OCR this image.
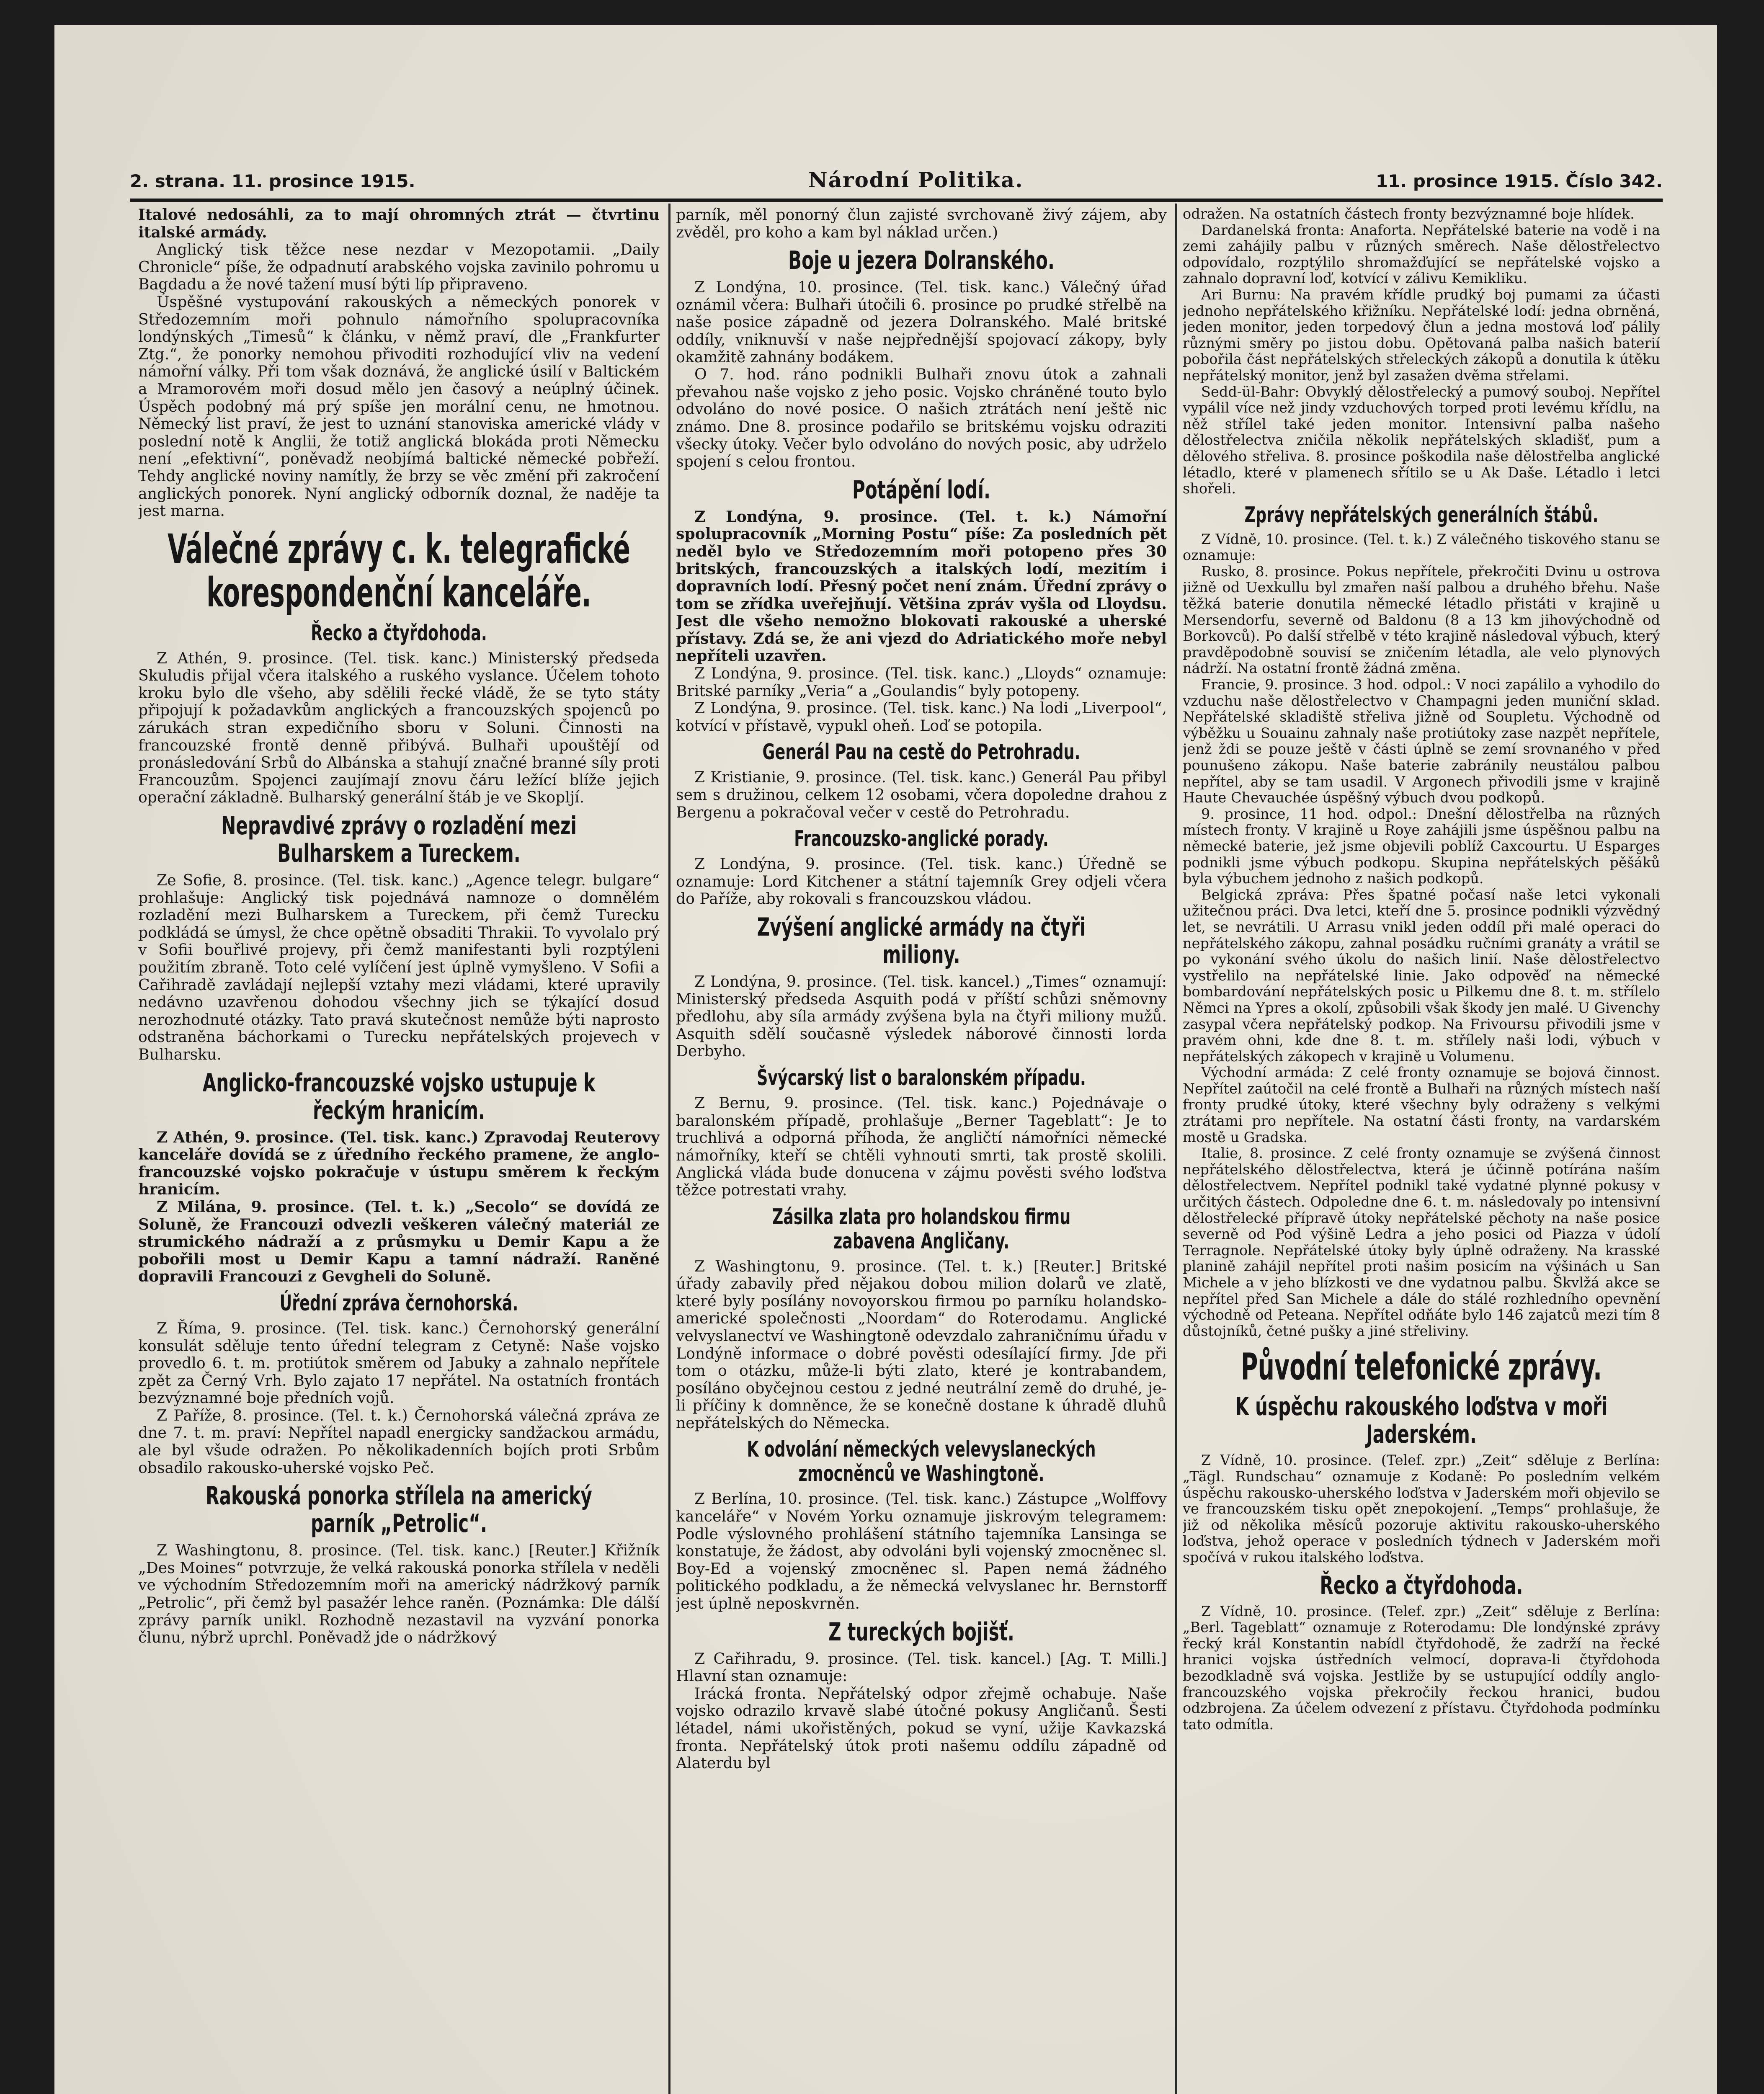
2. strana. 11. prosince 1915.	Národní Politika.	11. prosince 1915. Číslo 342.

Italové nedosáhli, za to mají ohromných ztrát — čtvrtinu italské armády.

Anglický tisk těžce nese nezdar v Mezopotamii. „Daily Chronicle“ píše, že odpadnutí arabského vojska zavinilo pohromu u Bagdadu a že nové tažení musí býti líp připraveno.

Úspěšné vystupování rakouských a německých ponorek v Středozemním moři pohnulo námořního spolupracovníka londýnských „Timesů“ k článku, v němž praví, dle „Frankfurter Ztg.“, že ponorky nemohou přivoditi rozhodující vliv na vedení námořní války. Při tom však doznává, že anglické úsilí v Baltickém a Mramorovém moři dosud mělo jen časový a neúplný účinek. Úspěch podobný má prý spíše jen morální cenu, ne hmotnou. Německý list praví, že jest to uznání stanoviska americké vlády v poslední notě k Anglii, že totiž anglická blokáda proti Německu není „efektivní“, poněvadž neobjímá baltické německé pobřeží. Tehdy anglické noviny namítly, že brzy se věc změní při zakročení anglických ponorek. Nyní anglický odborník doznal, že naděje ta jest marna.

Válečné zprávy c. k. telegrafické korespondenční kanceláře.
Řecko a čtyřdohoda.

Z Athén, 9. prosince. (Tel. tisk. kanc.) Ministerský předseda Skuludis přijal včera italského a ruského vyslance. Účelem tohoto kroku bylo dle všeho, aby sdělili řecké vládě, že se tyto státy připojují k požadavkům anglických a francouzských spojenců po zárukách stran expedičního sboru v Soluni. Činnosti na francouzské frontě denně přibývá. Bulhaři upouštějí od pronásledování Srbů do Albánska a stahují značné branné síly proti Francouzům. Spojenci zaujímají znovu čáru ležící blíže jejich operační základně. Bulharský generální štáb je ve Skopljí.

Nepravdivé zprávy o rozladění mezi Bulharskem a Tureckem.

Ze Sofie, 8. prosince. (Tel. tisk. kanc.) „Agence telegr. bulgare“ prohlašuje: Anglický tisk pojednává namnoze o domnělém rozladění mezi Bulharskem a Tureckem, při čemž Turecku podkládá se úmysl, že chce opětně obsaditi Thrakii. To vyvolalo prý v Sofii bouřlivé projevy, při čemž manifestanti byli rozptýleni použitím zbraně. Toto celé vylíčení jest úplně vymyšleno. V Sofii a Cařihradě zavládají nejlepší vztahy mezi vládami, které upravily nedávno uzavřenou dohodou všechny jich se týkající dosud nerozhodnuté otázky. Tato pravá skutečnost nemůže býti naprosto odstraněna báchorkami o Turecku nepřátelských projevech v Bulharsku.

Anglicko-francouzské vojsko ustupuje k řeckým hranicím.

Z Athén, 9. prosince. (Tel. tisk. kanc.) Zpravodaj Reuterovy kanceláře dovídá se z úředního řeckého pramene, že anglo-francouzské vojsko pokračuje v ústupu směrem k řeckým hranicím.

Z Milána, 9. prosince. (Tel. t. k.) „Secolo“ se dovídá ze Soluně, že Francouzi odvezli veškeren válečný materiál ze strumického nádraží a z průsmyku u Demir Kapu a že pobořili most u Demir Kapu a tamní nádraží. Raněné dopravili Francouzi z Gevgheli do Soluně.

Úřední zpráva černohorská.

Z Říma, 9. prosince. (Tel. tisk. kanc.) Černohorský generální konsulát sděluje tento úřední telegram z Cetyně: Naše vojsko provedlo 6. t. m. protiútok směrem od Jabuky a zahnalo nepřítele zpět za Černý Vrh. Bylo zajato 17 nepřátel. Na ostatních frontách bezvýznamné boje předních vojů.

Z Paříže, 8. prosince. (Tel. t. k.) Černohorská válečná zpráva ze dne 7. t. m. praví: Nepřítel napadl energicky sandžackou armádu, ale byl všude odražen. Po několikadenních bojích proti Srbům obsadilo rakousko-uherské vojsko Peč.

Rakouská ponorka střílela na americký parník „Petrolic“.

Z Washingtonu, 8. prosince. (Tel. tisk. kanc.) [Reuter.] Křižník „Des Moines“ potvrzuje, že velká rakouská ponorka střílela v neděli ve východním Středozemním moři na americký nádržkový parník „Petrolic“, při čemž byl pasažér lehce raněn. (Poznámka: Dle dálší zprávy parník unikl. Rozhodně nezastavil na vyzvání ponorka člunu, nýbrž uprchl. Poněvadž jde o nádržkový

parník, měl ponorný člun zajisté svrchovaně živý zájem, aby zvěděl, pro koho a kam byl náklad určen.)

Boje u jezera Dolranského.

Z Londýna, 10. prosince. (Tel. tisk. kanc.) Válečný úřad oznámil včera: Bulhaři útočili 6. prosince po prudké střelbě na naše posice západně od jezera Dolranského. Malé britské oddíly, vniknuvší v naše nejpřednější spojovací zákopy, byly okamžitě zahnány bodákem.

O 7. hod. ráno podnikli Bulhaři znovu útok a zahnali převahou naše vojsko z jeho posic. Vojsko chráněné touto bylo odvoláno do nové posice. O našich ztrátách není ještě nic známo. Dne 8. prosince podařilo se britskému vojsku odraziti všecky útoky. Večer bylo odvoláno do nových posic, aby udrželo spojení s celou frontou.

Potápění lodí.

Z Londýna, 9. prosince. (Tel. t. k.) Námořní spolupracovník „Morning Postu“ píše: Za posledních pět neděl bylo ve Středozemním moři potopeno přes 30 britských, francouzských a italských lodí, mezitím i dopravních lodí. Přesný počet není znám. Úřední zprávy o tom se zřídka uveřejňují. Většina zpráv vyšla od Lloydsu. Jest dle všeho nemožno blokovati rakouské a uherské přístavy. Zdá se, že ani vjezd do Adriatického moře nebyl nepříteli uzavřen.

Z Londýna, 9. prosince. (Tel. tisk. kanc.) „Lloyds“ oznamuje: Britské parníky „Veria“ a „Goulandis“ byly potopeny.

Z Londýna, 9. prosince. (Tel. tisk. kanc.) Na lodi „Liverpool“, kotvící v přístavě, vypukl oheň. Loď se potopila.

Generál Pau na cestě do Petrohradu.

Z Kristianie, 9. prosince. (Tel. tisk. kanc.) Generál Pau přibyl sem s družinou, celkem 12 osobami, včera dopoledne drahou z Bergenu a pokračoval večer v cestě do Petrohradu.

Francouzsko-anglické porady.

Z Londýna, 9. prosince. (Tel. tisk. kanc.) Úředně se oznamuje: Lord Kitchener a státní tajemník Grey odjeli včera do Paříže, aby rokovali s francouzskou vládou.

Zvýšení anglické armády na čtyři miliony.

Z Londýna, 9. prosince. (Tel. tisk. kancel.) „Times“ oznamují: Ministerský předseda Asquith podá v příští schůzi sněmovny předlohu, aby síla armády zvýšena byla na čtyři miliony mužů. Asquith sdělí současně výsledek náborové činnosti lorda Derbyho.

Švýcarský list o baralonském případu.

Z Bernu, 9. prosince. (Tel. tisk. kanc.) Pojednávaje o baralonském případě, prohlašuje „Berner Tageblatt“: Je to truchlivá a odporná příhoda, že angličtí námořníci německé námořníky, kteří se chtěli vyhnouti smrti, tak prostě skolili. Anglická vláda bude donucena v zájmu pověsti svého loďstva těžce potrestati vrahy.

Zásilka zlata pro holandskou firmu zabavena Angličany.

Z Washingtonu, 9. prosince. (Tel. t. k.) [Reuter.] Britské úřady zabavily před nějakou dobou milion dolarů ve zlatě, které byly posílány novoyorskou firmou po parníku holandsko-americké společnosti „Noordam“ do Roterodamu. Anglické velvyslanectví ve Washingtoně odevzdalo zahraničnímu úřadu v Londýně informace o dobré pověsti odesílající firmy. Jde při tom o otázku, může-li býti zlato, které je kontrabandem, posíláno obyčejnou cestou z jedné neutrální země do druhé, je-li příčiny k domněnce, že se konečně dostane k úhradě dluhů nepřátelských do Německa.

K odvolání německých velevyslaneckých zmocněnců ve Washingtoně.

Z Berlína, 10. prosince. (Tel. tisk. kanc.) Zástupce „Wolffovy kanceláře“ v Novém Yorku oznamuje jiskrovým telegramem: Podle výslovného prohlášení státního tajemníka Lansinga se konstatuje, že žádost, aby odvoláni byli vojenský zmocněnec sl. Boy-Ed a vojenský zmocněnec sl. Papen nemá žádného politického podkladu, a že německá velvyslanec hr. Bernstorff jest úplně neposkvrněn.

Z tureckých bojišť.

Z Cařihradu, 9. prosince. (Tel. tisk. kancel.) [Ag. T. Milli.] Hlavní stan oznamuje:

Irácká fronta. Nepřátelský odpor zřejmě ochabuje. Naše vojsko odrazilo krvavě slabé útočné pokusy Angličanů. Šesti létadel, námi ukořistěných, pokud se vyní, užije Kavkazská fronta. Nepřátelský útok proti našemu oddílu západně od Alaterdu byl

odražen. Na ostatních částech fronty bezvýznamné boje hlídek.

Dardanelská fronta: Anaforta. Nepřátelské baterie na vodě i na zemi zahájily palbu v různých směrech. Naše dělostřelectvo odpovídalo, rozptýlilo shromažďující se nepřátelské vojsko a zahnalo dopravní loď, kotvící v zálivu Kemikliku.

Ari Burnu: Na pravém křídle prudký boj pumami za účasti jednoho nepřátelského křižníku. Nepřátelské lodí: jedna obrněná, jeden monitor, jeden torpedový člun a jedna mostová loď pálily různými směry po jistou dobu. Opětovaná palba našich baterií pobořila část nepřátelských střeleckých zákopů a donutila k útěku nepřátelský monitor, jenž byl zasažen dvěma střelami.

Sedd-ül-Bahr: Obvyklý dělostřelecký a pumový souboj. Nepřítel vypálil více než jindy vzduchových torped proti levému křídlu, na něž střílel také jeden monitor. Intensivní palba našeho dělostřelectva zničila několik nepřátelských skladišť, pum a dělového střeliva. 8. prosince poškodila naše dělostřelba anglické létadlo, které v plamenech sřítilo se u Ak Daše. Létadlo i letci shořeli.

Zprávy nepřátelských generálních štábů.

Z Vídně, 10. prosince. (Tel. t. k.) Z válečného tiskového stanu se oznamuje:

Rusko, 8. prosince. Pokus nepřítele, překročiti Dvinu u ostrova jižně od Uexkullu byl zmařen naší palbou a druhého břehu. Naše těžká baterie donutila německé létadlo přistáti v krajině u Mersendorfu, severně od Baldonu (8 a 13 km jihovýchodně od Borkovců). Po další střelbě v této krajině následoval výbuch, který pravděpodobně souvisí se zničením létadla, ale velo plynových nádrží. Na ostatní frontě žádná změna.

Francie, 9. prosince. 3 hod. odpol.: V noci zapálilo a vyhodilo do vzduchu naše dělostřelectvo v Champagni jeden muniční sklad. Nepřátelské skladiště střeliva jižně od Soupletu. Východně od výběžku u Souainu zahnaly naše protiútoky zase nazpět nepřítele, jenž ždi se pouze ještě v části úplně se zemí srovnaného v před pounušeno zákopu. Naše baterie zabránily neustálou palbou nepřítel, aby se tam usadil. V Argonech přivodili jsme v krajině Haute Chevauchée úspěšný výbuch dvou podkopů.

9. prosince, 11 hod. odpol.: Dnešní dělostřelba na různých místech fronty. V krajině u Roye zahájili jsme úspěšnou palbu na německé baterie, jež jsme objevili poblíž Caxcourtu. U Esparges podnikli jsme výbuch podkopu. Skupina nepřátelských pěšáků byla výbuchem jednoho z našich podkopů.

Belgická zpráva: Přes špatné počasí naše letci vykonali užitečnou práci. Dva letci, kteří dne 5. prosince podnikli výzvědný let, se nevrátili. U Arrasu vnikl jeden oddíl při malé operaci do nepřátelského zákopu, zahnal posádku ručními granáty a vrátil se po vykonání svého úkolu do našich linií. Naše dělostřelectvo vystřelilo na nepřátelské linie. Jako odpověď na německé bombardování nepřátelských posic u Pilkemu dne 8. t. m. střílelo Němci na Ypres a okolí, způsobili však škody jen malé. U Givenchy zasypal včera nepřátelský podkop. Na Frivoursu přivodili jsme v pravém ohni, kde dne 8. t. m. střílely naši lodi, výbuch v nepřátelských zákopech v krajině u Volumenu.

Východní armáda: Z celé fronty oznamuje se bojová činnost. Nepřítel zaútočil na celé frontě a Bulhaři na různých místech naší fronty prudké útoky, které všechny byly odraženy s velkými ztrátami pro nepřítele. Na ostatní části fronty, na vardarském mostě u Gradska.

Italie, 8. prosince. Z celé fronty oznamuje se zvýšená činnost nepřátelského dělostřelectva, která je účinně potírána naším dělostřelectvem. Nepřítel podnikl také vydatné plynné pokusy v určitých částech. Odpoledne dne 6. t. m. následovaly po intensivní dělostřelecké přípravě útoky nepřátelské pěchoty na naše posice severně od Pod výšině Ledra a jeho posici od Piazza v údolí Terragnole. Nepřátelské útoky byly úplně odraženy. Na krasské planině zahájil nepřítel proti našim posicím na výšinách u San Michele a v jeho blízkosti ve dne vydatnou palbu. Škvlžá akce se nepřítel před San Michele a dále do stálé rozhledního opevnění východně od Peteana. Nepřítel odňáte bylo 146 zajatců mezi tím 8 důstojníků, četné pušky a jiné střeliviny.

Původní telefonické zprávy.
K úspěchu rakouského loďstva v moři Jaderském.

Z Vídně, 10. prosince. (Telef. zpr.) „Zeit“ sděluje z Berlína: „Tägl. Rundschau“ oznamuje z Kodaně: Po posledním velkém úspěchu rakousko-uherského loďstva v Jaderském moři objevilo se ve francouzském tisku opět znepokojení. „Temps“ prohlašuje, že již od několika měsíců pozoruje aktivitu rakousko-uherského loďstva, jehož operace v posledních týdnech v Jaderském moři spočívá v rukou italského loďstva.

Řecko a čtyřdohoda.

Z Vídně, 10. prosince. (Telef. zpr.) „Zeit“ sděluje z Berlína: „Berl. Tageblatt“ oznamuje z Roterodamu: Dle londýnské zprávy řecký král Konstantin nabídl čtyřdohodě, že zadrží na řecké hranici vojska ústředních velmocí, doprava-li čtyřdohoda bezodkladně svá vojska. Jestliže by se ustupující oddíly anglo-francouzského vojska překročily řeckou hranici, budou odzbrojena. Za účelem odvezení z přístavu. Čtyřdohoda podmínku tato odmítla.
